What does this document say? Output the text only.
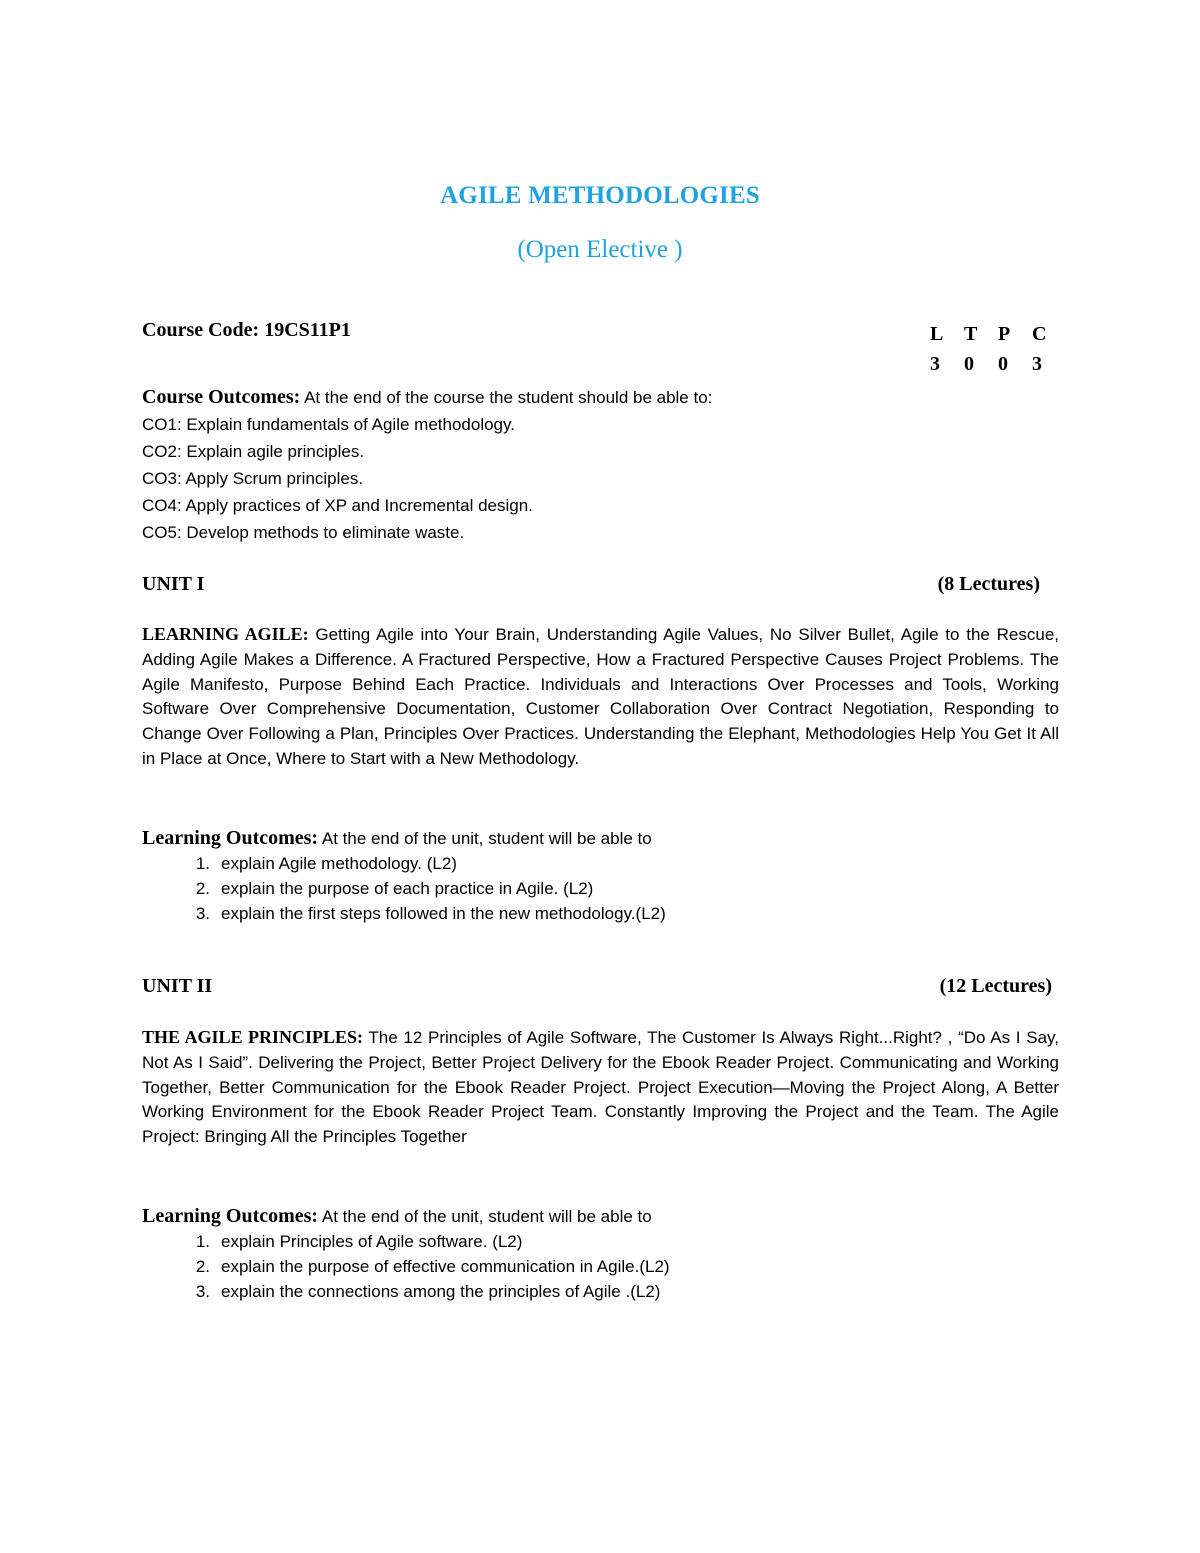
AGILE METHODOLOGIES
(Open Elective )
Course Code: 19CS11P1	L	T	P	C
3	0	0	3
Course Outcomes: At the end of the course the student should be able to:
CO1: Explain fundamentals of Agile methodology.
CO2: Explain agile principles.
CO3: Apply Scrum principles.
CO4: Apply practices of XP and Incremental design.
CO5: Develop methods to eliminate waste.
UNIT I	(8 Lectures)
LEARNING AGILE: Getting Agile into Your Brain, Understanding Agile Values, No Silver Bullet, Agile to the Rescue, Adding Agile Makes a Difference. A Fractured Perspective, How a Fractured Perspective Causes Project Problems. The Agile Manifesto, Purpose Behind Each Practice. Individuals and Interactions Over Processes and Tools, Working Software Over Comprehensive Documentation, Customer Collaboration Over Contract Negotiation, Responding to Change Over Following a Plan, Principles Over Practices. Understanding the Elephant, Methodologies Help You Get It All in Place at Once, Where to Start with a New Methodology.
Learning Outcomes: At the end of the unit, student will be able to
1. explain Agile methodology. (L2)
2. explain the purpose of each practice in Agile. (L2)
3. explain the first steps followed in the new methodology.(L2)
UNIT II	(12 Lectures)
THE AGILE PRINCIPLES: The 12 Principles of Agile Software, The Customer Is Always Right...Right? , “Do As I Say, Not As I Said”. Delivering the Project, Better Project Delivery for the Ebook Reader Project. Communicating and Working Together, Better Communication for the Ebook Reader Project. Project Execution—Moving the Project Along, A Better Working Environment for the Ebook Reader Project Team. Constantly Improving the Project and the Team. The Agile Project: Bringing All the Principles Together
Learning Outcomes: At the end of the unit, student will be able to
1. explain Principles of Agile software. (L2)
2. explain the purpose of effective communication in Agile.(L2)
3. explain the connections among the principles of Agile .(L2)
